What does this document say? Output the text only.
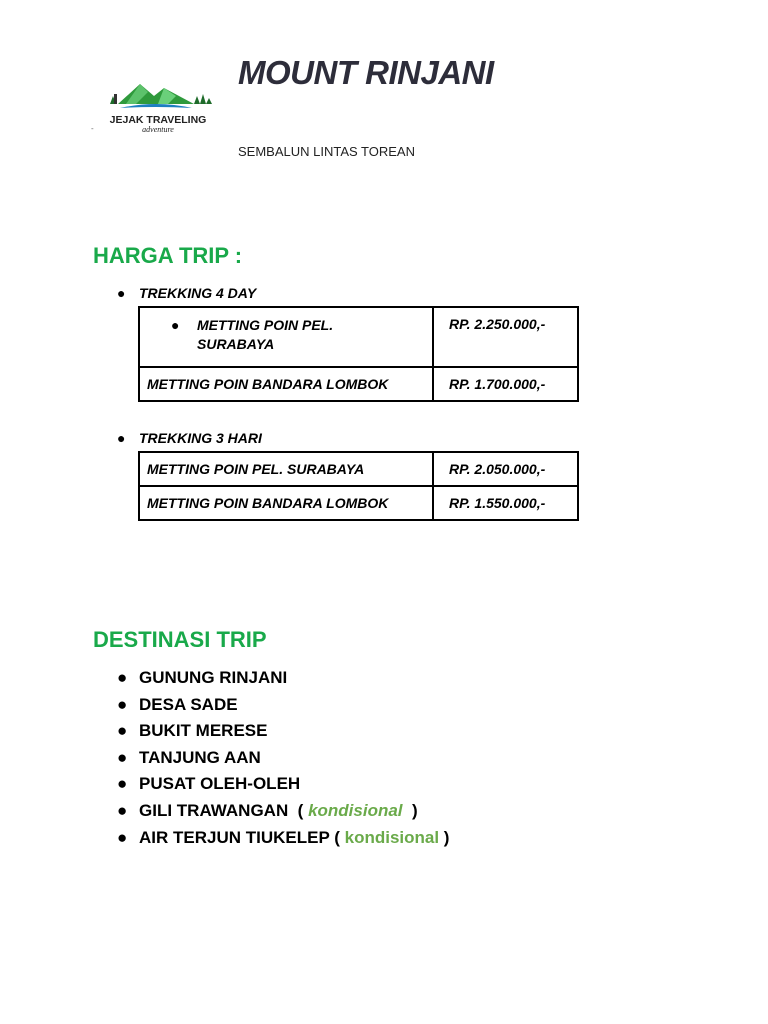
JEJAK TRAVELING
adventure
-
MOUNT RINJANI
SEMBALUN LINTAS TOREAN
HARGA TRIP :
● TREKKING 4 DAY
● METTING POIN PEL.
SURABAYA	RP. 2.250.000,-
METTING POIN BANDARA LOMBOK	RP. 1.700.000,-
● TREKKING 3 HARI
METTING POIN PEL. SURABAYA	RP. 2.050.000,-
METTING POIN BANDARA LOMBOK	RP. 1.550.000,-
DESTINASI TRIP
● GUNUNG RINJANI
● DESA SADE
● BUKIT MERESE
● TANJUNG AAN
● PUSAT OLEH-OLEH
● GILI TRAWANGAN  ( kondisional  )
● AIR TERJUN TIUKELEP ( kondisional )
